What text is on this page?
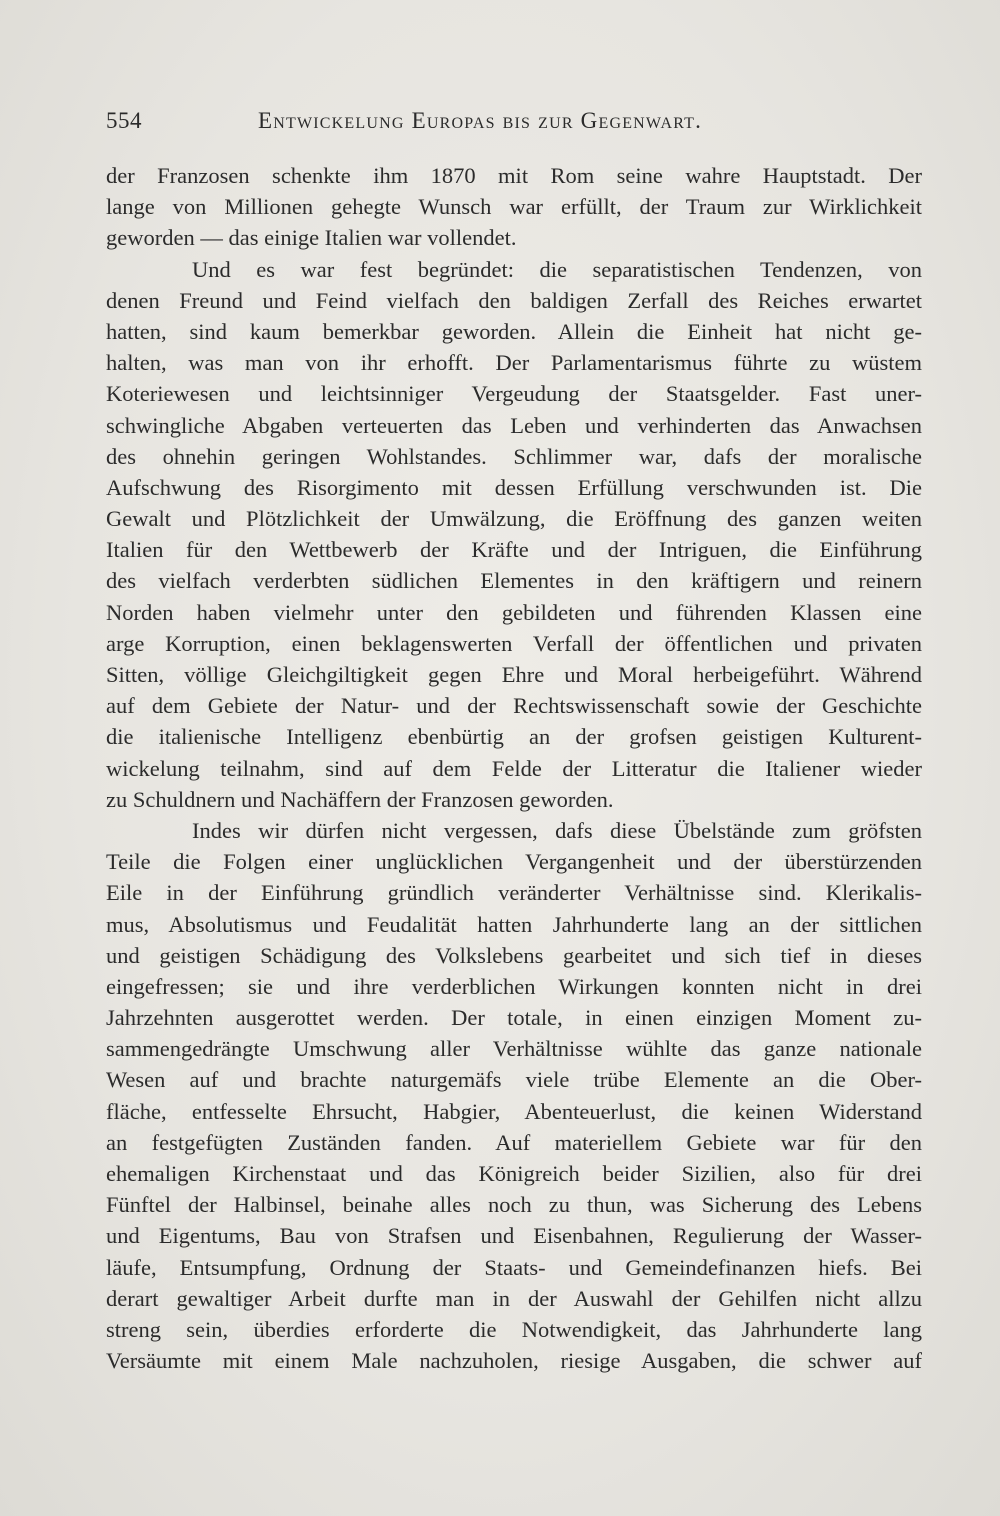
554	Entwickelung Europas bis zur Gegenwart.
der Franzosen schenkte ihm 1870 mit Rom seine wahre Hauptstadt. Der
lange von Millionen gehegte Wunsch war erfüllt, der Traum zur Wirklichkeit
geworden — das einige Italien war vollendet.
Und es war fest begründet: die separatistischen Tendenzen, von
denen Freund und Feind vielfach den baldigen Zerfall des Reiches erwartet
hatten, sind kaum bemerkbar geworden. Allein die Einheit hat nicht ge-
halten, was man von ihr erhofft. Der Parlamentarismus führte zu wüstem
Koteriewesen und leichtsinniger Vergeudung der Staatsgelder. Fast uner-
schwingliche Abgaben verteuerten das Leben und verhinderten das Anwachsen
des ohnehin geringen Wohlstandes. Schlimmer war, dafs der moralische
Aufschwung des Risorgimento mit dessen Erfüllung verschwunden ist. Die
Gewalt und Plötzlichkeit der Umwälzung, die Eröffnung des ganzen weiten
Italien für den Wettbewerb der Kräfte und der Intriguen, die Einführung
des vielfach verderbten südlichen Elementes in den kräftigern und reinern
Norden haben vielmehr unter den gebildeten und führenden Klassen eine
arge Korruption, einen beklagenswerten Verfall der öffentlichen und privaten
Sitten, völlige Gleichgiltigkeit gegen Ehre und Moral herbeigeführt. Während
auf dem Gebiete der Natur- und der Rechtswissenschaft sowie der Geschichte
die italienische Intelligenz ebenbürtig an der grofsen geistigen Kulturent-
wickelung teilnahm, sind auf dem Felde der Litteratur die Italiener wieder
zu Schuldnern und Nachäffern der Franzosen geworden.
Indes wir dürfen nicht vergessen, dafs diese Übelstände zum gröfsten
Teile die Folgen einer unglücklichen Vergangenheit und der überstürzenden
Eile in der Einführung gründlich veränderter Verhältnisse sind. Klerikalis-
mus, Absolutismus und Feudalität hatten Jahrhunderte lang an der sittlichen
und geistigen Schädigung des Volkslebens gearbeitet und sich tief in dieses
eingefressen; sie und ihre verderblichen Wirkungen konnten nicht in drei
Jahrzehnten ausgerottet werden. Der totale, in einen einzigen Moment zu-
sammengedrängte Umschwung aller Verhältnisse wühlte das ganze nationale
Wesen auf und brachte naturgemäfs viele trübe Elemente an die Ober-
fläche, entfesselte Ehrsucht, Habgier, Abenteuerlust, die keinen Widerstand
an festgefügten Zuständen fanden. Auf materiellem Gebiete war für den
ehemaligen Kirchenstaat und das Königreich beider Sizilien, also für drei
Fünftel der Halbinsel, beinahe alles noch zu thun, was Sicherung des Lebens
und Eigentums, Bau von Strafsen und Eisenbahnen, Regulierung der Wasser-
läufe, Entsumpfung, Ordnung der Staats- und Gemeindefinanzen hiefs. Bei
derart gewaltiger Arbeit durfte man in der Auswahl der Gehilfen nicht allzu
streng sein, überdies erforderte die Notwendigkeit, das Jahrhunderte lang
Versäumte mit einem Male nachzuholen, riesige Ausgaben, die schwer auf
